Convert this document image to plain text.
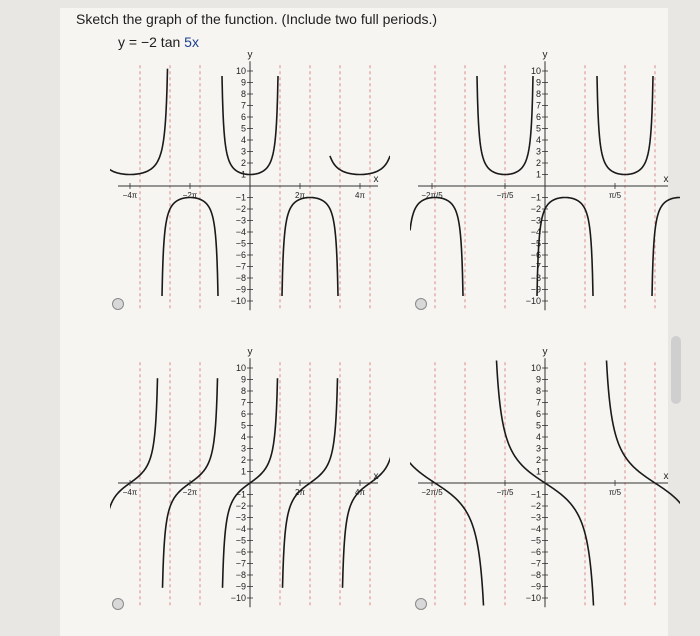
Sketch the graph of the function. (Include two full periods.)
y = −2 tan 5x
y
x
10
9
8
7
6
5
4
3
2
1
−1
−2
−3
−4
−5
−6
−7
−8
−9
−10
−4π	−2π	2π	4π
y
x
10
9
8
7
6
5
4
3
2
1
−1
−2
−3
−4
−5
−6
−7
−8
−9
−10
−2π/5	−π/5	π/5
y
x
10
9
8
7
6
5
4
3
2
1
−1
−2
−3
−4
−5
−6
−7
−8
−9
−10
−4π	−2π	2π	4π
y
x
10
9
8
7
6
5
4
3
2
1
−1
−2
−3
−4
−5
−6
−7
−8
−9
−10
−2π/5	−π/5	π/5
